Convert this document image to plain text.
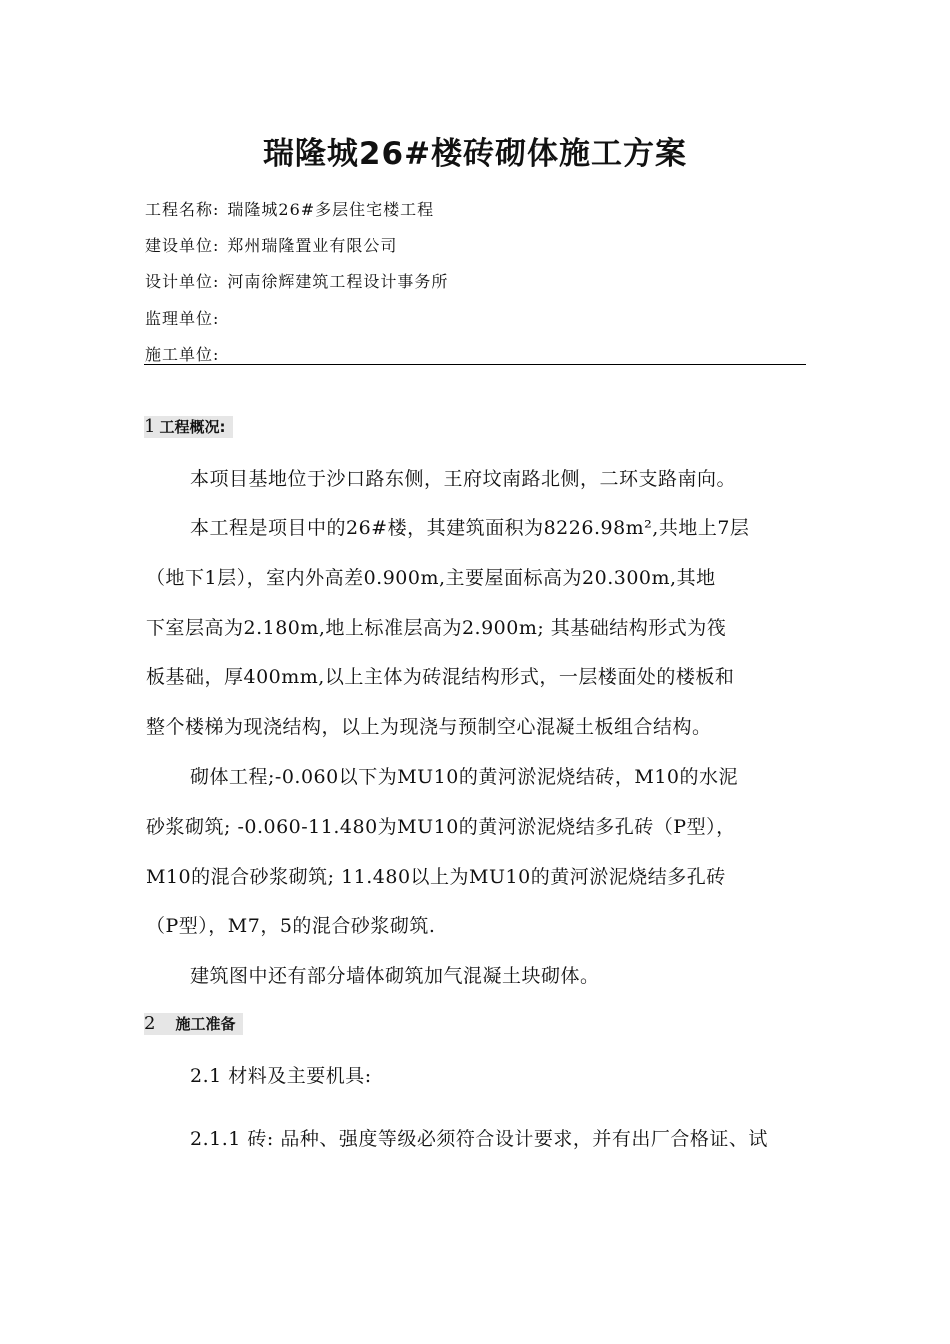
瑞隆城26#楼砖砌体施工方案
工程名称: 瑞隆城26#多层住宅楼工程
建设单位: 郑州瑞隆置业有限公司
设计单位: 河南徐辉建筑工程设计事务所
监理单位:
施工单位:
1 工程概况:
本项目基地位于沙口路东侧，王府坟南路北侧，二环支路南向。
本工程是项目中的26#楼，其建筑面积为8226.98m²,共地上7层
（地下1层），室内外高差0.900m,主要屋面标高为20.300m,其地
下室层高为2.180m,地上标准层高为2.900m; 其基础结构形式为筏
板基础，厚400mm,以上主体为砖混结构形式，一层楼面处的楼板和
整个楼梯为现浇结构，以上为现浇与预制空心混凝土板组合结构。
砌体工程;-0.060以下为MU10的黄河淤泥烧结砖，M10的水泥
砂浆砌筑; -0.060-11.480为MU10的黄河淤泥烧结多孔砖（P型），
M10的混合砂浆砌筑; 11.480以上为MU10的黄河淤泥烧结多孔砖
（P型），M7，5的混合砂浆砌筑.
建筑图中还有部分墙体砌筑加气混凝土块砌体。
2 施工准备
2.1 材料及主要机具:
2.1.1 砖: 品种、强度等级必须符合设计要求，并有出厂合格证、试
